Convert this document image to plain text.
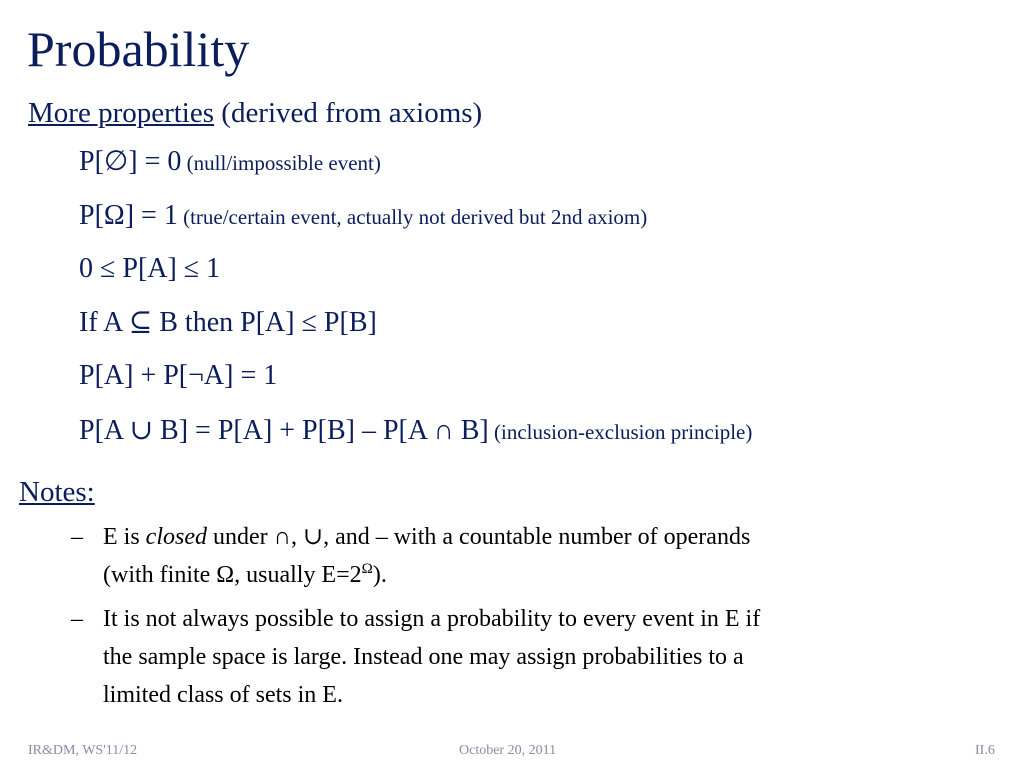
Probability
More properties (derived from axioms)
P[∅] = 0 (null/impossible event)
P[Ω] = 1 (true/certain event, actually not derived but 2nd axiom)
0 ≤ P[A] ≤ 1
If A ⊆ B then P[A] ≤ P[B]
P[A] + P[¬A] = 1
P[A ∪ B] = P[A] + P[B] – P[A ∩ B] (inclusion-exclusion principle)
Notes:
– E is closed under ∩, ∪, and – with a countable number of operands
(with finite Ω, usually $E=2^\Omega$).
– It is not always possible to assign a probability to every event in E if
the sample space is large. Instead one may assign probabilities to a
limited class of sets in E.
IR&DM, WS'11/12	October 20, 2011	II.6
